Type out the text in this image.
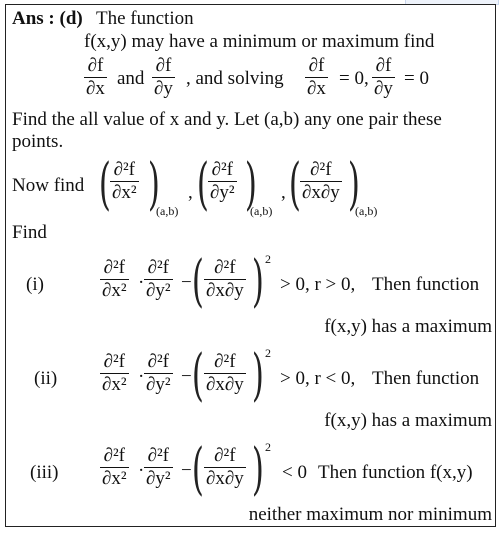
Ans : (d) The function
f(x,y) may have a minimum or maximum find
∂f
∂x and
∂f
∂y , and solving
∂f
∂x = 0,
∂f
∂y = 0
Find the all value of x and y. Let (a,b) any one pair these
points.
Now find ( ∂²f
∂x² )
(a,b)
, ( ∂²f
∂y² )
(a,b)
, ( ∂²f
∂x∂y )
(a,b)
Find
(i)
∂²f
∂x² ·
∂²f
∂y² − ( ∂²f
∂x∂y ) 2
> 0, r > 0, Then function
f(x,y) has a maximum
(ii)
∂²f
∂x² ·
∂²f
∂y² − ( ∂²f
∂x∂y ) 2
> 0, r < 0, Then function
f(x,y) has a maximum
(iii)
∂²f
∂x² ·
∂²f
∂y² − ( ∂²f
∂x∂y ) 2
< 0 Then function f(x,y)
neither maximum nor minimum
